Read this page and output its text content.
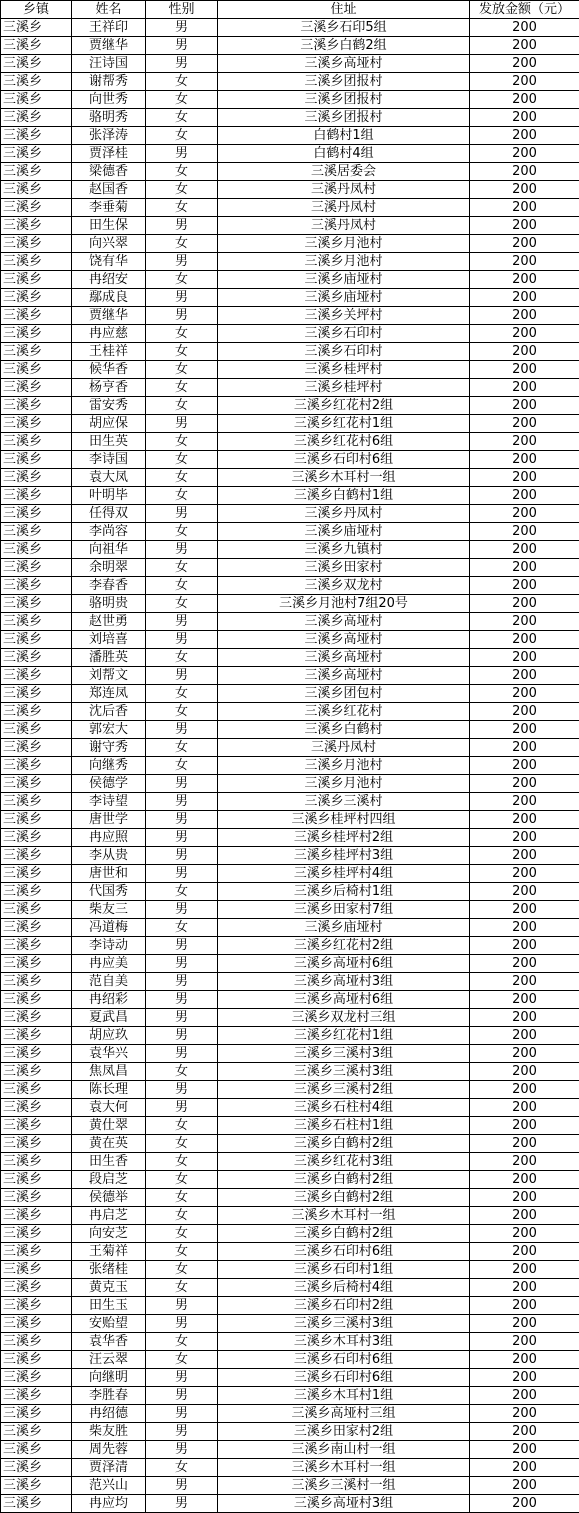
乡镇	姓名	性别	住址	发放金额（元）
三溪乡	王祥印	男	三溪乡石印5组	200
三溪乡	贾继华	男	三溪乡白鹤2组	200
三溪乡	汪诗国	男	三溪乡高垭村	200
三溪乡	谢帮秀	女	三溪乡团报村	200
三溪乡	向世秀	女	三溪乡团报村	200
三溪乡	骆明秀	女	三溪乡团报村	200
三溪乡	张泽涛	女	白鹤村1组	200
三溪乡	贾泽桂	男	白鹤村4组	200
三溪乡	梁德香	女	三溪居委会	200
三溪乡	赵国香	女	三溪丹凤村	200
三溪乡	李垂菊	女	三溪丹凤村	200
三溪乡	田生保	男	三溪丹凤村	200
三溪乡	向兴翠	女	三溪乡月池村	200
三溪乡	饶有华	男	三溪乡月池村	200
三溪乡	冉绍安	女	三溪乡庙垭村	200
三溪乡	鄢成良	男	三溪乡庙垭村	200
三溪乡	贾继华	男	三溪乡关坪村	200
三溪乡	冉应慈	女	三溪乡石印村	200
三溪乡	王桂祥	女	三溪乡石印村	200
三溪乡	候华香	女	三溪乡桂坪村	200
三溪乡	杨亨香	女	三溪乡桂坪村	200
三溪乡	雷安秀	女	三溪乡红花村2组	200
三溪乡	胡应保	男	三溪乡红花村1组	200
三溪乡	田生英	女	三溪乡红花村6组	200
三溪乡	李诗国	女	三溪乡石印村6组	200
三溪乡	袁大凤	女	三溪乡木耳村一组	200
三溪乡	叶明毕	女	三溪乡白鹤村1组	200
三溪乡	任得双	男	三溪乡丹凤村	200
三溪乡	李尚容	女	三溪乡庙垭村	200
三溪乡	向祖华	男	三溪乡九镇村	200
三溪乡	余明翠	女	三溪乡田家村	200
三溪乡	李春香	女	三溪乡双龙村	200
三溪乡	骆明贵	女	三溪乡月池村7组20号	200
三溪乡	赵世勇	男	三溪乡高垭村	200
三溪乡	刘培喜	男	三溪乡高垭村	200
三溪乡	潘胜英	女	三溪乡高垭村	200
三溪乡	刘帮文	男	三溪乡高垭村	200
三溪乡	郑连凤	女	三溪乡团包村	200
三溪乡	沈后香	女	三溪乡红花村	200
三溪乡	郭宏大	男	三溪乡白鹤村	200
三溪乡	谢守秀	女	三溪丹凤村	200
三溪乡	向继秀	女	三溪乡月池村	200
三溪乡	侯德学	男	三溪乡月池村	200
三溪乡	李诗望	男	三溪乡三溪村	200
三溪乡	唐世学	男	三溪乡桂坪村四组	200
三溪乡	冉应照	男	三溪乡桂坪村2组	200
三溪乡	李从贵	男	三溪乡桂坪村3组	200
三溪乡	唐世和	男	三溪乡桂坪村4组	200
三溪乡	代国秀	女	三溪乡后椅村1组	200
三溪乡	柴友三	男	三溪乡田家村7组	200
三溪乡	冯道梅	女	三溪乡庙垭村	200
三溪乡	李诗动	男	三溪乡红花村2组	200
三溪乡	冉应美	男	三溪乡高垭村6组	200
三溪乡	范自美	男	三溪乡高垭村3组	200
三溪乡	冉绍彩	男	三溪乡高垭村6组	200
三溪乡	夏武昌	男	三溪乡双龙村三组	200
三溪乡	胡应玖	男	三溪乡红花村1组	200
三溪乡	袁华兴	男	三溪乡三溪村3组	200
三溪乡	焦凤昌	女	三溪乡三溪村3组	200
三溪乡	陈长理	男	三溪乡三溪村2组	200
三溪乡	袁大何	男	三溪乡石柱村4组	200
三溪乡	黄仕翠	女	三溪乡石柱村1组	200
三溪乡	黄在英	女	三溪乡白鹤村2组	200
三溪乡	田生香	女	三溪乡红花村3组	200
三溪乡	段启芝	女	三溪乡白鹤村2组	200
三溪乡	侯德举	女	三溪乡白鹤村2组	200
三溪乡	冉启芝	女	三溪乡木耳村一组	200
三溪乡	向安芝	女	三溪乡白鹤村2组	200
三溪乡	王菊祥	女	三溪乡石印村6组	200
三溪乡	张绪桂	女	三溪乡石印村1组	200
三溪乡	黄克玉	女	三溪乡后椅村4组	200
三溪乡	田生玉	男	三溪乡石印村2组	200
三溪乡	安贻望	男	三溪乡三溪村3组	200
三溪乡	袁华香	女	三溪乡木耳村3组	200
三溪乡	汪云翠	女	三溪乡石印村6组	200
三溪乡	向继明	男	三溪乡石印村6组	200
三溪乡	李胜春	男	三溪乡木耳村1组	200
三溪乡	冉绍德	男	三溪乡高垭村三组	200
三溪乡	柴友胜	男	三溪乡田家村2组	200
三溪乡	周先蓉	男	三溪乡南山村一组	200
三溪乡	贾泽清	女	三溪乡木耳村一组	200
三溪乡	范兴山	男	三溪乡三溪村一组	200
三溪乡	冉应均	男	三溪乡高垭村3组	200
